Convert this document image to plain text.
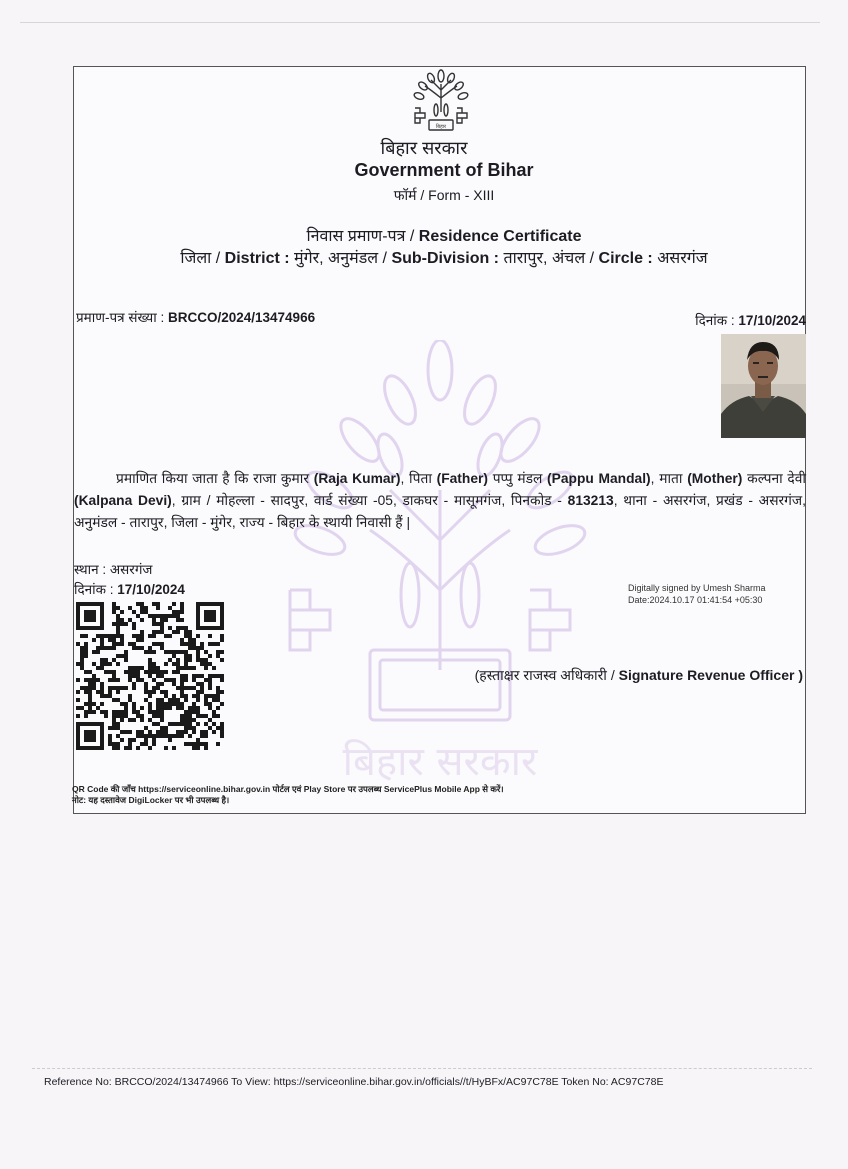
बिहार सरकार
बिहार
बिहार सरकार
Government of Bihar
फॉर्म / Form - XIII
निवास प्रमाण-पत्र / Residence Certificate
जिला / District : मुंगेर, अनुमंडल / Sub-Division : तारापुर, अंचल / Circle : असरगंज
प्रमाण-पत्र संख्या : BRCCO/2024/13474966	दिनांक : 17/10/2024
प्रमाणित किया जाता है कि राजा कुमार (Raja Kumar), पिता (Father) पप्पु मंडल (Pappu Mandal), माता (Mother) कल्पना देवी (Kalpana Devi), ग्राम / मोहल्ला - सादपुर, वार्ड संख्या -05, डाकघर - मासूमगंज, पिनकोड - 813213, थाना - असरगंज, प्रखंड - असरगंज, अनुमंडल - तारापुर, जिला - मुंगेर, राज्य - बिहार के स्थायी निवासी हैं |
स्थान : असरगंज
दिनांक : 17/10/2024	Digitally signed by Umesh Sharma
Date:2024.10.17 01:41:54 +05:30
(हस्ताक्षर राजस्व अधिकारी / Signature Revenue Officer )
QR Code की जाँच https://serviceonline.bihar.gov.in पोर्टल एवं Play Store पर उपलब्ध ServicePlus Mobile App से करें।
नोट: यह दस्तावेज DigiLocker पर भी उपलब्ध है।
Reference No: BRCCO/2024/13474966 To View: https://serviceonline.bihar.gov.in/officials//t/HyBFx/AC97C78E Token No: AC97C78E
